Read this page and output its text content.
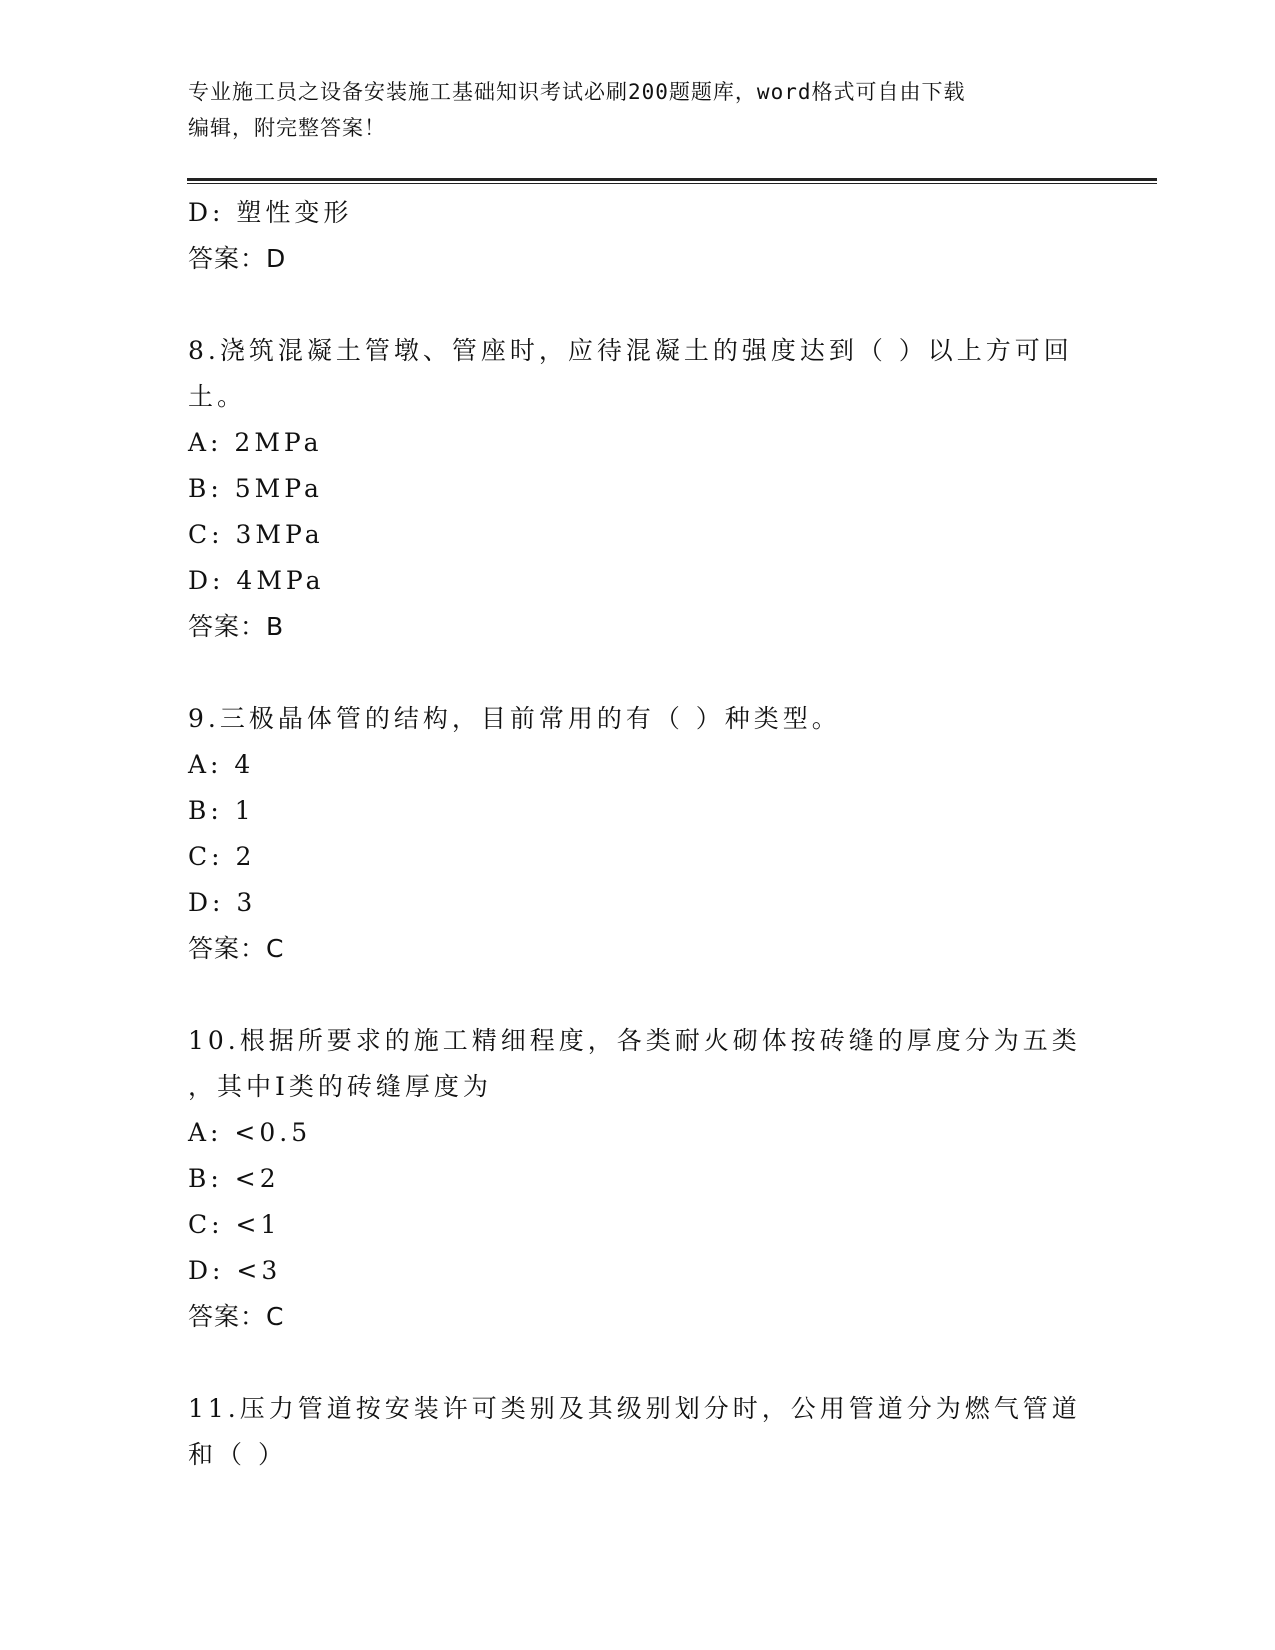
专业施工员之设备安装施工基础知识考试必刷200题题库，word格式可自由下载
编辑，附完整答案！
D: 塑性变形
答案：D
8.浇筑混凝土管墩、管座时，应待混凝土的强度达到（ ）以上方可回
土。
A: 2MPa
B: 5MPa
C: 3MPa
D: 4MPa
答案：B
9.三极晶体管的结构，目前常用的有（ ）种类型。
A: 4
B: 1
C: 2
D: 3
答案：C
10.根据所要求的施工精细程度，各类耐火砌体按砖缝的厚度分为五类
，其中Ⅰ类的砖缝厚度为
A: <0.5
B: <2
C: <1
D: <3
答案：C
11.压力管道按安装许可类别及其级别划分时，公用管道分为燃气管道
和（ ）
